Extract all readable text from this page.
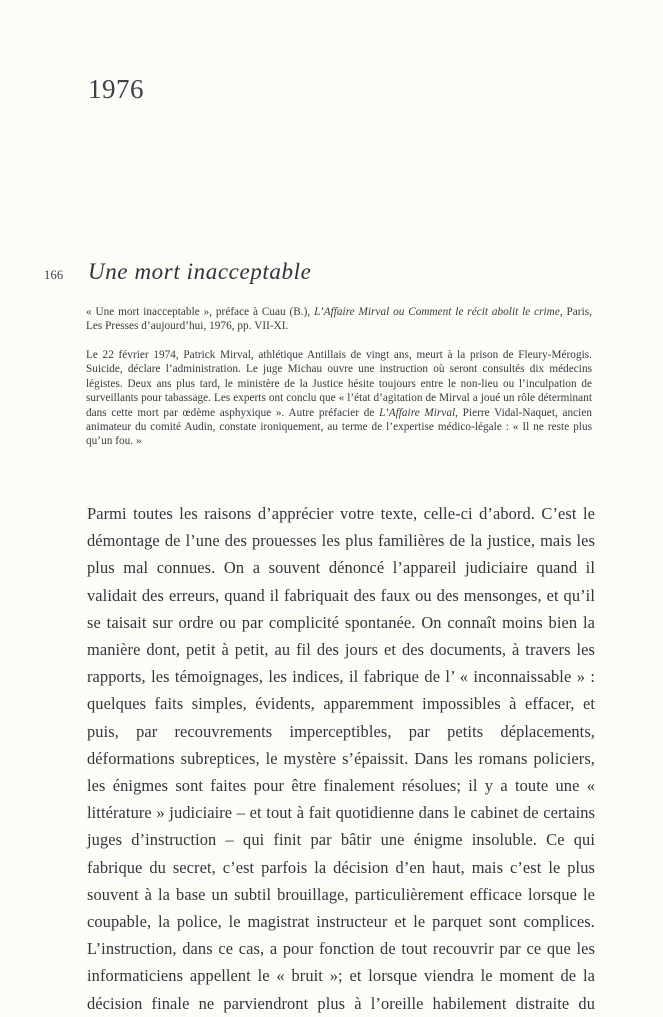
1976
166	Une mort inacceptable
« Une mort inacceptable », préface à Cuau (B.), L’Affaire Mirval ou Comment le récit abolit le crime, Paris, Les Presses d’aujourd’hui, 1976, pp. VII-XI.
Le 22 février 1974, Patrick Mirval, athlétique Antillais de vingt ans, meurt à la prison de Fleury-Mérogis. Suicide, déclare l’administration. Le juge Michau ouvre une instruction où seront consultés dix médecins légistes. Deux ans plus tard, le ministère de la Justice hésite toujours entre le non-lieu ou l’inculpation de surveillants pour tabassage. Les experts ont conclu que « l’état d’agitation de Mirval a joué un rôle déterminant dans cette mort par œdème asphyxique ». Autre préfacier de L’Affaire Mirval, Pierre Vidal-Naquet, ancien animateur du comité Audin, constate ironiquement, au terme de l’expertise médico-légale : « Il ne reste plus qu’un fou. »
Parmi toutes les raisons d’apprécier votre texte, celle-ci d’abord. C’est le démontage de l’une des prouesses les plus familières de la justice, mais les plus mal connues. On a souvent dénoncé l’appareil judiciaire quand il validait des erreurs, quand il fabriquait des faux ou des mensonges, et qu’il se taisait sur ordre ou par complicité spontanée. On connaît moins bien la manière dont, petit à petit, au fil des jours et des documents, à travers les rapports, les témoignages, les indices, il fabrique de l’ « inconnaissable » : quelques faits simples, évidents, apparemment impossibles à effacer, et puis, par recouvrements imperceptibles, par petits déplacements, déformations subreptices, le mystère s’épaissit. Dans les romans policiers, les énigmes sont faites pour être finalement résolues; il y a toute une « littérature » judiciaire – et tout à fait quotidienne dans le cabinet de certains juges d’instruction – qui finit par bâtir une énigme insoluble. Ce qui fabrique du secret, c’est parfois la décision d’en haut, mais c’est le plus souvent à la base un subtil brouillage, particulièrement efficace lorsque le coupable, la police, le magistrat instructeur et le parquet sont complices. L’instruction, dans ce cas, a pour fonction de tout recouvrir par ce que les informaticiens appellent le « bruit »; et lorsque viendra le moment de la décision finale ne parviendront plus à l’oreille habilement distraite du
